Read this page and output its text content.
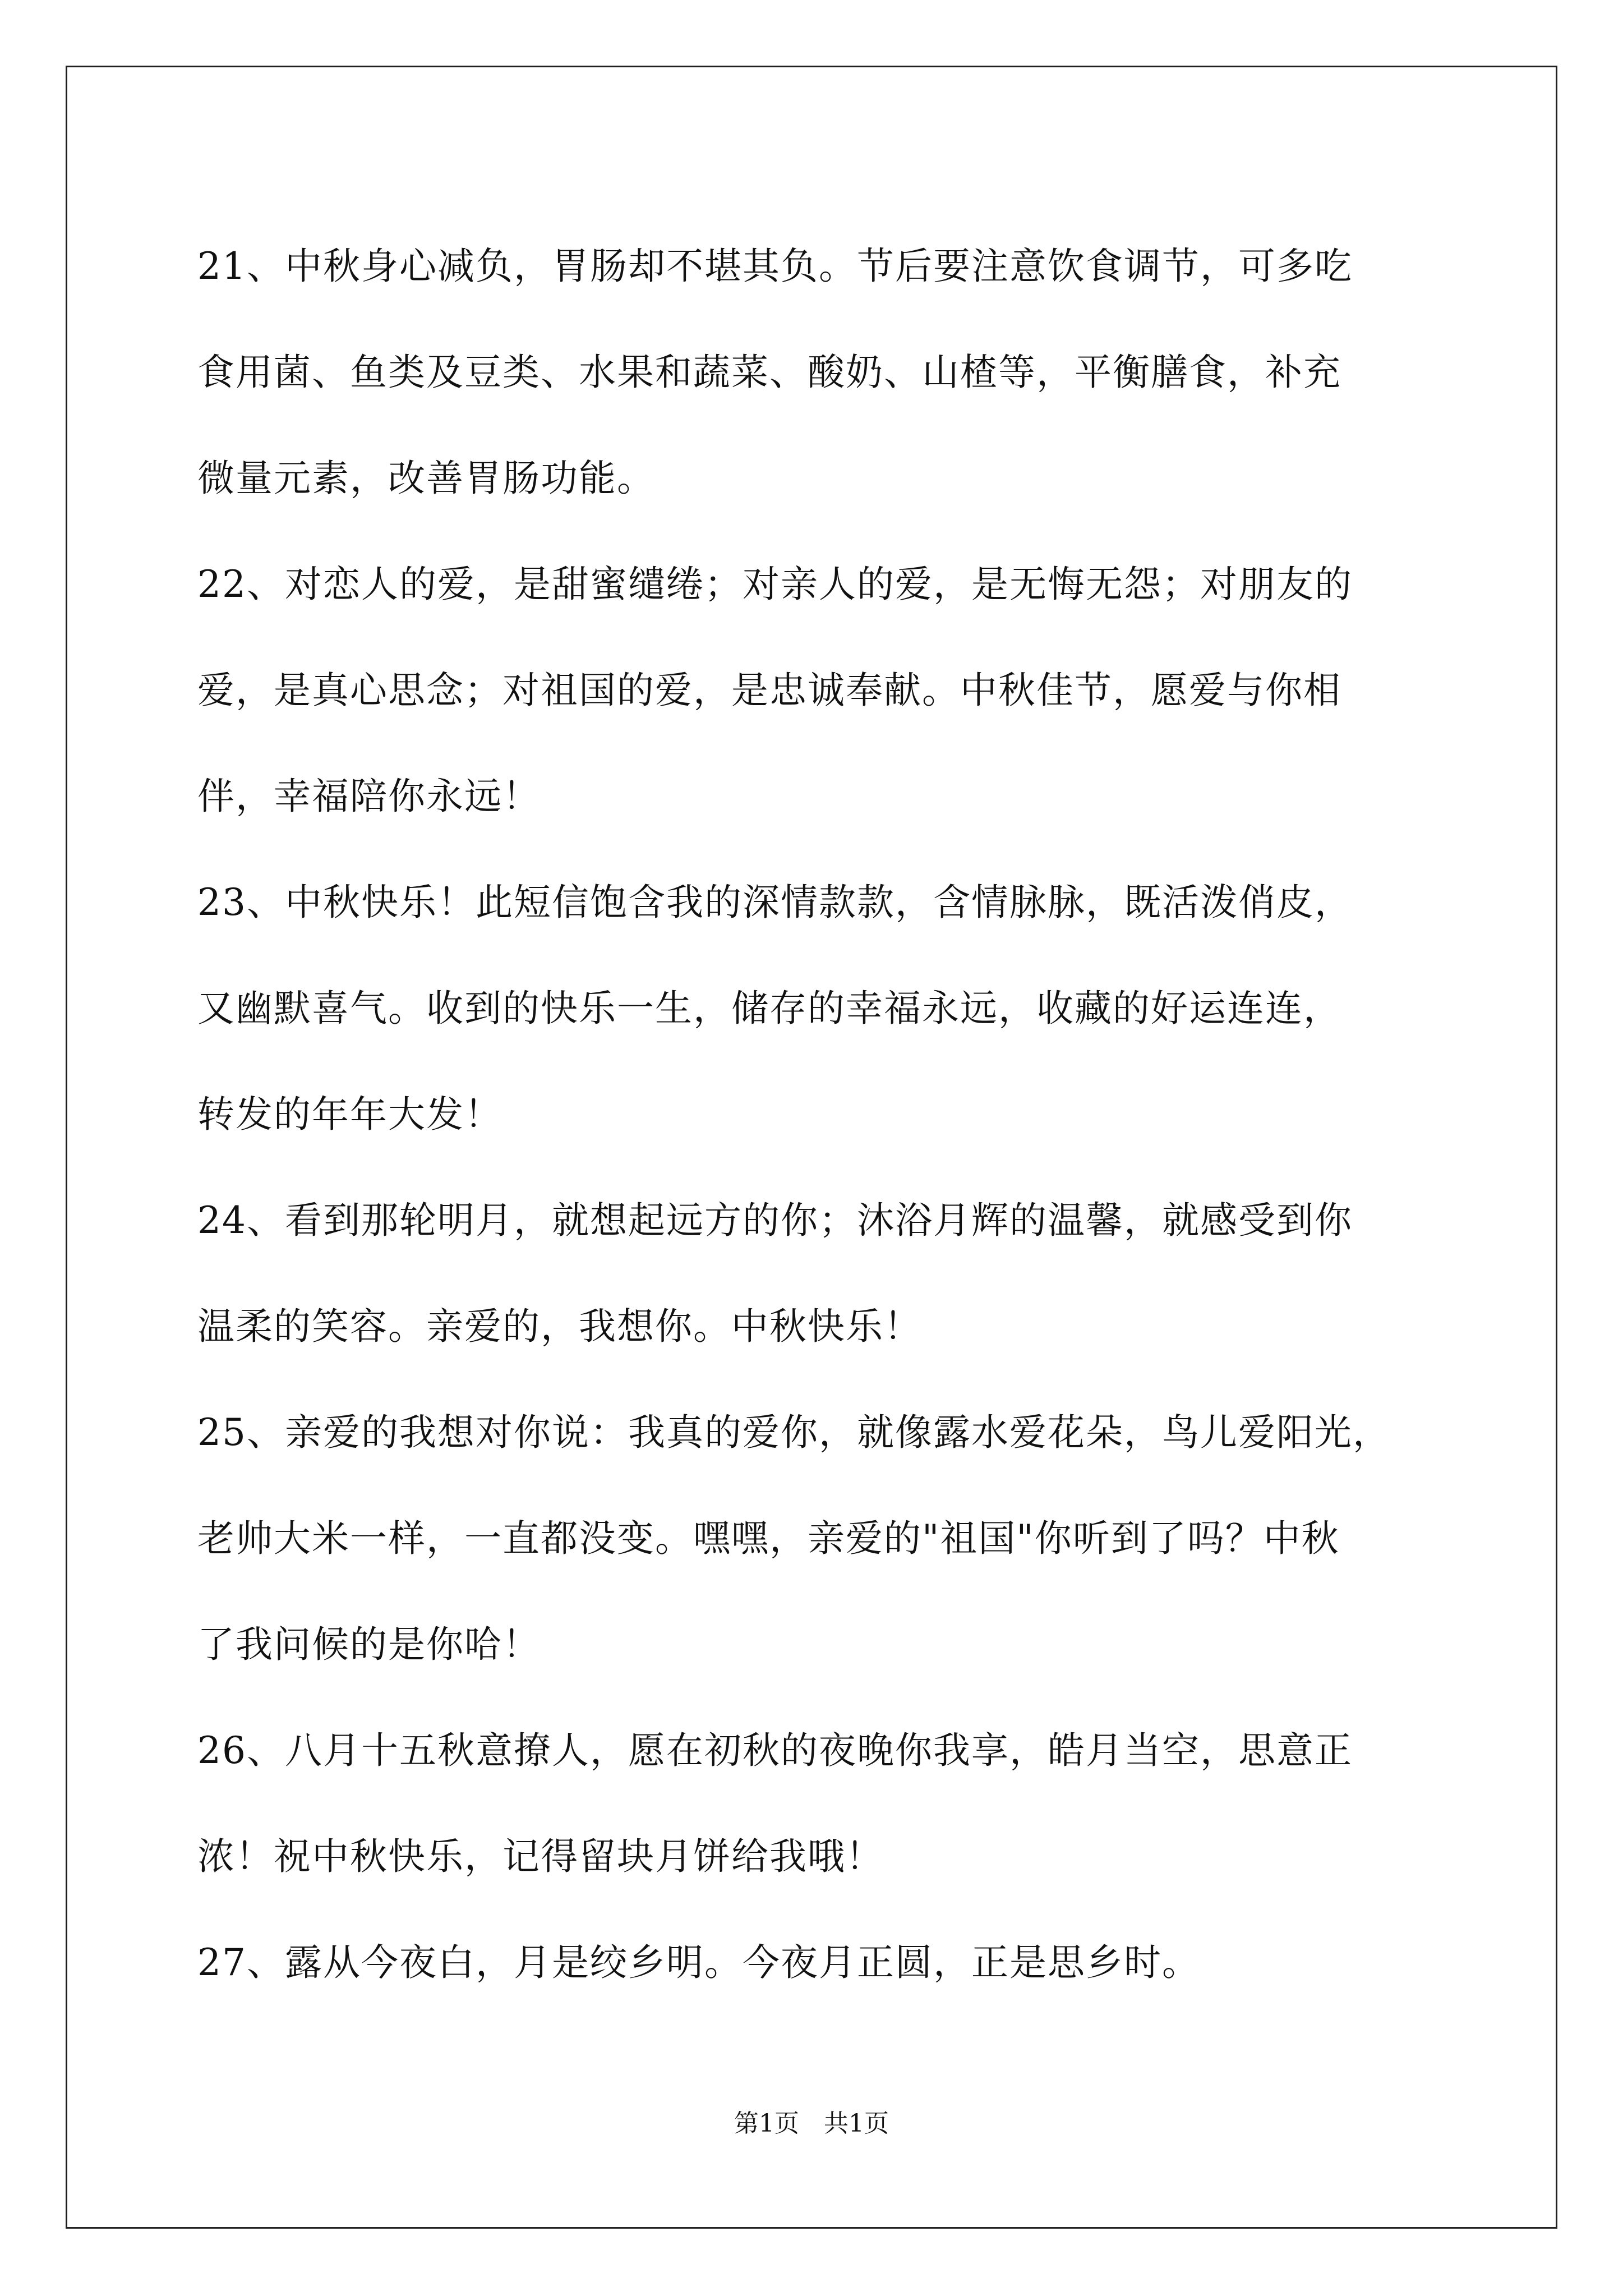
21、中秋身心减负，胃肠却不堪其负。节后要注意饮食调节，可多吃
食用菌、鱼类及豆类、水果和蔬菜、酸奶、山楂等，平衡膳食，补充
微量元素，改善胃肠功能。

22、对恋人的爱，是甜蜜缱绻；对亲人的爱，是无悔无怨；对朋友的
爱，是真心思念；对祖国的爱，是忠诚奉献。中秋佳节，愿爱与你相
伴，幸福陪你永远！

23、中秋快乐！此短信饱含我的深情款款，含情脉脉，既活泼俏皮，
又幽默喜气。收到的快乐一生，储存的幸福永远，收藏的好运连连，
转发的年年大发！

24、看到那轮明月，就想起远方的你；沐浴月辉的温馨，就感受到你
温柔的笑容。亲爱的，我想你。中秋快乐！

25、亲爱的我想对你说：我真的爱你，就像露水爱花朵，鸟儿爱阳光，
老帅大米一样，一直都没变。嘿嘿，亲爱的"祖国"你听到了吗？中秋
了我问候的是你哈！

26、八月十五秋意撩人，愿在初秋的夜晚你我享，皓月当空，思意正
浓！祝中秋快乐，记得留块月饼给我哦！

27、露从今夜白，月是绞乡明。今夜月正圆，正是思乡时。

第1页　共1页
